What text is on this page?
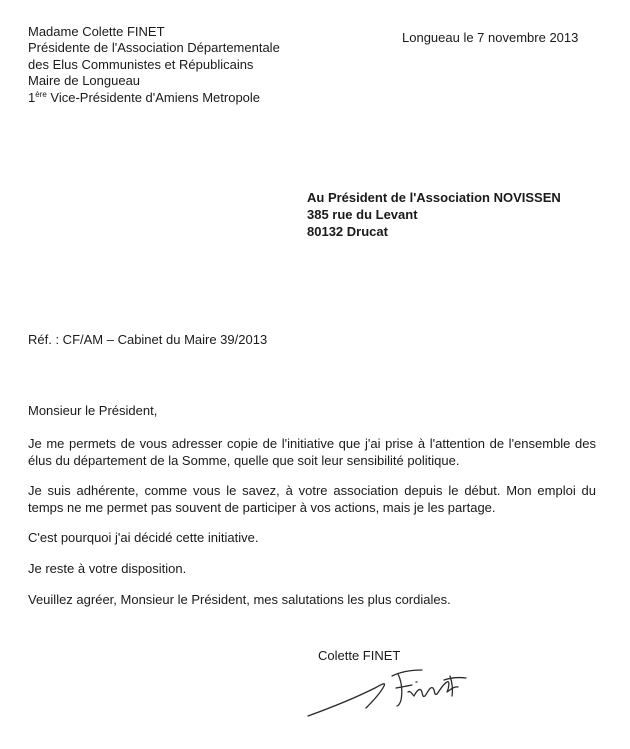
Madame Colette FINET
Présidente de l'Association Départementale
des Elus Communistes et Républicains
Maire de Longueau
1ère Vice-Présidente d'Amiens Metropole
Longueau le 7 novembre 2013
Au Président de l'Association NOVISSEN
385 rue du Levant
80132 Drucat
Réf. : CF/AM – Cabinet du Maire 39/2013
Monsieur le Président,

Je me permets de vous adresser copie de l'initiative que j'ai prise à l'attention de l'ensemble des élus du département de la Somme, quelle que soit leur sensibilité politique.

Je suis adhérente, comme vous le savez, à votre association depuis le début. Mon emploi du temps ne me permet pas souvent de participer à vos actions, mais je les partage.

C'est pourquoi j'ai décidé cette initiative.

Je reste à votre disposition.

Veuillez agréer, Monsieur le Président, mes salutations les plus cordiales.

Colette FINET
